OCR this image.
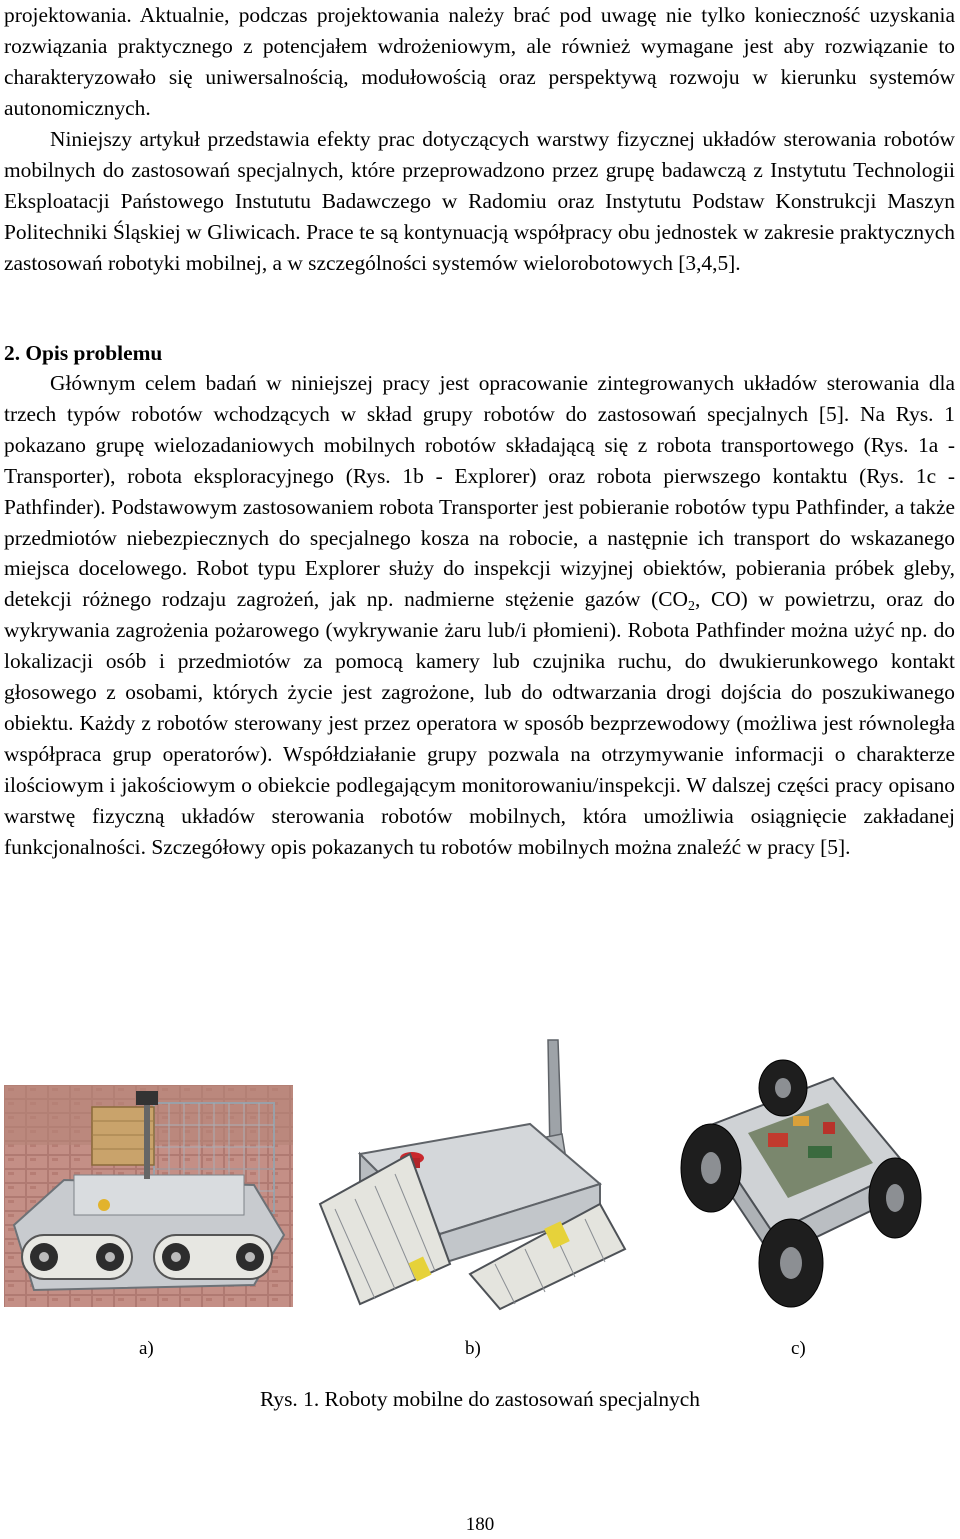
projektowania. Aktualnie, podczas projektowania należy brać pod uwagę nie tylko konieczność uzyskania rozwiązania praktycznego z potencjałem wdrożeniowym, ale również wymagane jest aby rozwiązanie to charakteryzowało się uniwersalnością, modułowością oraz perspektywą rozwoju w kierunku systemów autonomicznych.

Niniejszy artykuł przedstawia efekty prac dotyczących warstwy fizycznej układów sterowania robotów mobilnych do zastosowań specjalnych, które przeprowadzono przez grupę badawczą z Instytutu Technologii Eksploatacji Państowego Instututu Badawczego w Radomiu oraz Instytutu Podstaw Konstrukcji Maszyn Politechniki Śląskiej w Gliwicach. Prace te są kontynuacją współpracy obu jednostek w zakresie praktycznych zastosowań robotyki mobilnej, a w szczególności systemów wielorobotowych [3,4,5].

2. Opis problemu

Głównym celem badań w niniejszej pracy jest opracowanie zintegrowanych układów sterowania dla trzech typów robotów wchodzących w skład grupy robotów do zastosowań specjalnych [5]. Na Rys. 1 pokazano grupę wielozadaniowych mobilnych robotów składającą się z robota transportowego (Rys. 1a - Transporter), robota eksploracyjnego (Rys. 1b - Explorer) oraz robota pierwszego kontaktu (Rys. 1c - Pathfinder). Podstawowym zastosowaniem robota Transporter jest pobieranie robotów typu Pathfinder, a także przedmiotów niebezpiecznych do specjalnego kosza na robocie, a następnie ich transport do wskazanego miejsca docelowego. Robot typu Explorer służy do inspekcji wizyjnej obiektów, pobierania próbek gleby, detekcji różnego rodzaju zagrożeń, jak np. nadmierne stężenie gazów ($CO_2$, CO) w powietrzu, oraz do wykrywania zagrożenia pożarowego (wykrywanie żaru lub/i płomieni). Robota Pathfinder można użyć np. do lokalizacji osób i przedmiotów za pomocą kamery lub czujnika ruchu, do dwukierunkowego kontakt głosowego z osobami, których życie jest zagrożone, lub do odtwarzania drogi dojścia do poszukiwanego obiektu. Każdy z robotów sterowany jest przez operatora w sposób bezprzewodowy (możliwa jest równoległa współpraca grup operatorów). Współdziałanie grupy pozwala na otrzymywanie informacji o charakterze ilościowym i jakościowym o obiekcie podlegającym monitorowaniu/inspekcji. W dalszej części pracy opisano warstwę fizyczną układów sterowania robotów mobilnych, która umożliwia osiągnięcie zakładanej funkcjonalności. Szczegółowy opis pokazanych tu robotów mobilnych można znaleźć w pracy [5].

a)	b)	c)
Rys. 1. Roboty mobilne do zastosowań specjalnych
180
